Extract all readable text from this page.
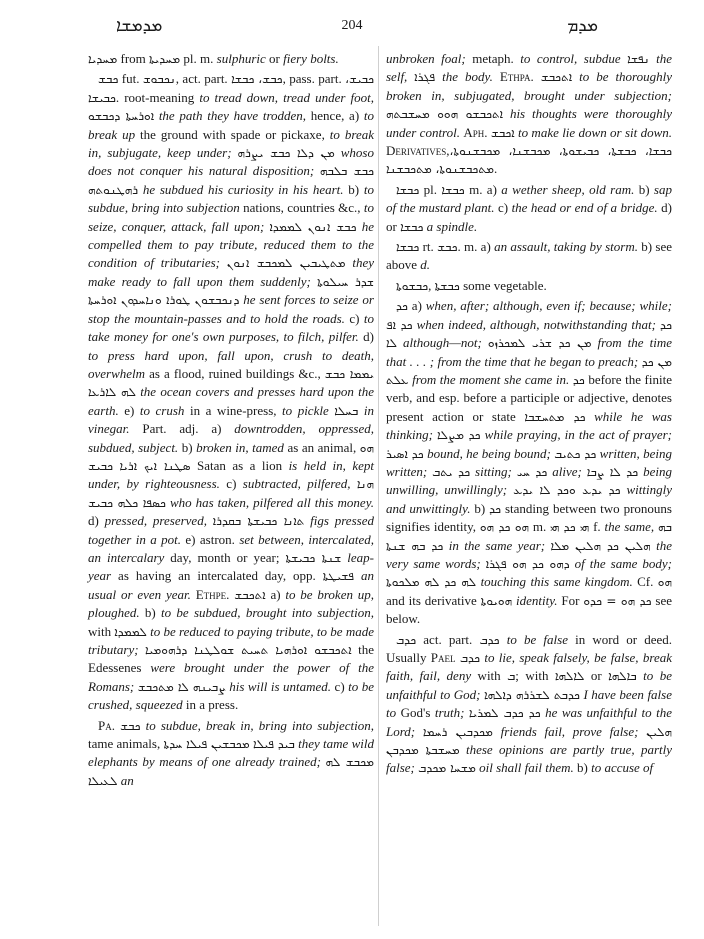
ܡܕܡܫܐ	204	ܡܕܡ

ܡܚܕܝܐ from ܡܚܕܝܬܐ pl. m. sulphuric or fiery bolts.

ܟܒܫ fut. ܢܟܒܘܫ, act. part. ܟܒܫ، ܟܒܫܐ, pass. part. ܟܒܝܫ، ܟܒܝܫܐ. root-meaning to tread down, tread under foot, ܐܘܪܚܬܐ ܕܟܒܫܘ the path they have trodden, hence, a) to break up the ground with spade or pickaxe, to break in, subjugate, keep under; ܡܢ ܕܠܐ ܟܒܫ ܝܨܪܗ whoso does not conquer his natural disposition; ܟܒܫ ܒܠܒܗ ܪܗܛܢܘܬܗ he subdued his curiosity in his heart. b) to subdue, bring into subjection nations, countries &c., to seize, conquer, attack, fall upon; ܟܒܫ ܐܢܘܢ ܠܡܡܕܐ he compelled them to pay tribute, reduced them to the condition of tributaries; ܡܬܛܝܒܝܢ ܠܡܟܒܫ ܐܢܘܢ they make ready to fall upon them suddenly; ܫܕܪ ܚܝܠܘܬܐ ܕܢܟܒܫܘܢ ܛܘܪܐ ܘܢܐܚܕܘܢ ܐܘܪܚܬܐ he sent forces to seize or stop the mountain-passes and to hold the roads. c) to take money for one's own purposes, to filch, pilfer. d) to press hard upon, fall upon, crush to death, overwhelm as a flood, ruined buildings &c., ܝܡܡܐ ܟܒܫ ܠܗ ܠܐܪܥܐ the ocean covers and presses hard upon the earth. e) to crush in a wine-press, to pickle ܒܚܠܐ in vinegar. Part. adj. a) downtrodden, oppressed, subdued, subject. b) broken in, tamed as an animal, ܗܘ ܟܒܝܫ ܣܛܢܐ ܐܝܟ ܐܪܝܐ Satan as a lion is held in, kept under, by righteousness. c) subtracted, pilfered, ܗܢܐ ܟܣܦܐ ܟܠܗ ܟܒܝܫ who has taken, pilfered all this money. d) pressed, preserved, ܬܐܢܐ ܟܒܝܫܬܐ ܒܩܕܪܐ figs pressed together in a pot. e) astron. set between, intercalated, an intercalary day, month or year; ܫܢܬܐ ܟܒܝܫܬܐ leap-year as having an intercalated day, opp. ܦܫܝܛܬܐ an usual or even year. Ethpe. ܐܬܟܒܫ a) to be broken up, ploughed. b) to be subdued, brought into subjection, with ܠܡܡܕܐ to be reduced to paying tribute, to be made tributary; ܐܬܟܒܫܘ ܐܘܪܗܝܐ ܬܚܝܬ ܫܘܠܛܢܐ ܕܪܗܘܡܝܐ the Edessenes were brought under the power of the Romans; ܨܒܝܢܗ ܠܐ ܡܬܟܒܫ his will is untamed. c) to be crushed, squeezed in a press.

Pa. ܟܒܫ to subdue, break in, bring into subjection, tame animals, ܡܟܒܫܝܢ ܦܝܠܐ ܚܕܬܐ ܒܝܕ ܦܝܠܐ they tame wild elephants by means of one already trained; ܡܟܒܫ ܠܗ ܠܥܝܠܐ an

unbroken foal; metaph. to control, subdue ܢܦܫܐ the self, ܦܓܪܐ the body. Ethpa. ܐܬܟܒܫ to be thoroughly broken in, subjugated, brought under subjection; ܐܬܟܒܫܘ ܗܘܘ ܡܚܫܒܬܗ his thoughts were thoroughly under control. Aph. ܐܟܒܫ to make lie down or sit down. Derivatives,ܟܒܫܐ، ܟܒܫܬܐ، ܟܒܝܫܘܬܐ، ܡܟܒܫܢܐ، ܡܟܒܫܢܘܬܐ، ܡܬܟܒܫܢܘܬܐ، ܡܬܟܒܫܢܐ.

ܟܒܫܐ pl. ܟܒܫܐ m. a) a wether sheep, old ram. b) sap of the mustard plant. c) the head or end of a bridge. d) or ܟܒܫܐ a spindle.

ܟܒܫܐ rt. ܟܒܫ. m. a) an assault, taking by storm. b) see above d.

ܟܒܫܘܬܐ, ܟܒܫܬܐ some vegetable.

ܟܕ a) when, after; although, even if; because; while; ܟܕ ܐܦ when indeed, although, notwithstanding that; ܟܕ ܠܐ although—not; ܡܢ ܟܕ ܫܪܝ ܠܡܟܪܙܘ from the time that . . . ; from the time that he began to preach; ܡܢ ܟܕ ܥܠܬ from the moment she came in. ܟܕ before the finite verb, and esp. before a participle or adjective, denotes present action or state ܟܕ ܡܬܚܫܒܐ while he was thinking; ܟܕ ܡܨܠܐ while praying, in the act of prayer; ܟܕ ܐܣܝܪ bound, he being bound; ܟܕ ܟܬܝܒ written, being written; ܟܕ ܝܬܒ sitting; ܟܕ ܚܝ alive; ܟܕ ܠܐ ܨܒܐ being unwilling, unwillingly; ܟܕ ܝܕܥ ܘܟܕ ܠܐ ܝܕܥ wittingly and unwittingly. b) ܟܕ standing between two pronouns signifies identity, ܗܘ ܟܕ ܗܘ m. ܗܝ ܟܕ ܗܝ f. the same, ܒܗ ܟܕ ܒܗ ܫܢܬܐ in the same year; ܗܠܝܢ ܟܕ ܗܠܝܢ ܡܠܐ the very same words; ܕܗܘ ܟܕ ܗܘ ܦܓܪܐ of the same body; ܠܗ ܟܕ ܠܗ ܡܠܟܘܬܐ touching this same kingdom. Cf. ܗܘ and its derivative ܗܘܝܘܬܐ identity. For ܟܕ ܗܘ = ܟܕܘ see below.

ܟܕܒ act. part. ܟܕܒ to be false in word or deed. Usually Pael ܟܕܒ to lie, speak falsely, be false, break faith, fail, deny with ܒ; with ܠܐܠܗܐ or ܒܐܠܗܐ to be unfaithful to God; ܟܕܒܬ ܠܫܪܪܗ ܕܐܠܗܐ I have been false to God's truth; ܟܕ ܟܕܒ ܠܡܪܝܐ he was unfaithful to the Lord; ܡܟܕܒܝܢ ܪܚܡܐ friends fail, prove false; ܗܠܝܢ ܡܚܫܒܬܐ ܡܟܕܒܢ these opinions are partly true, partly false; ܡܫܚܐ ܡܟܕܒ oil shall fail them. b) to accuse of
